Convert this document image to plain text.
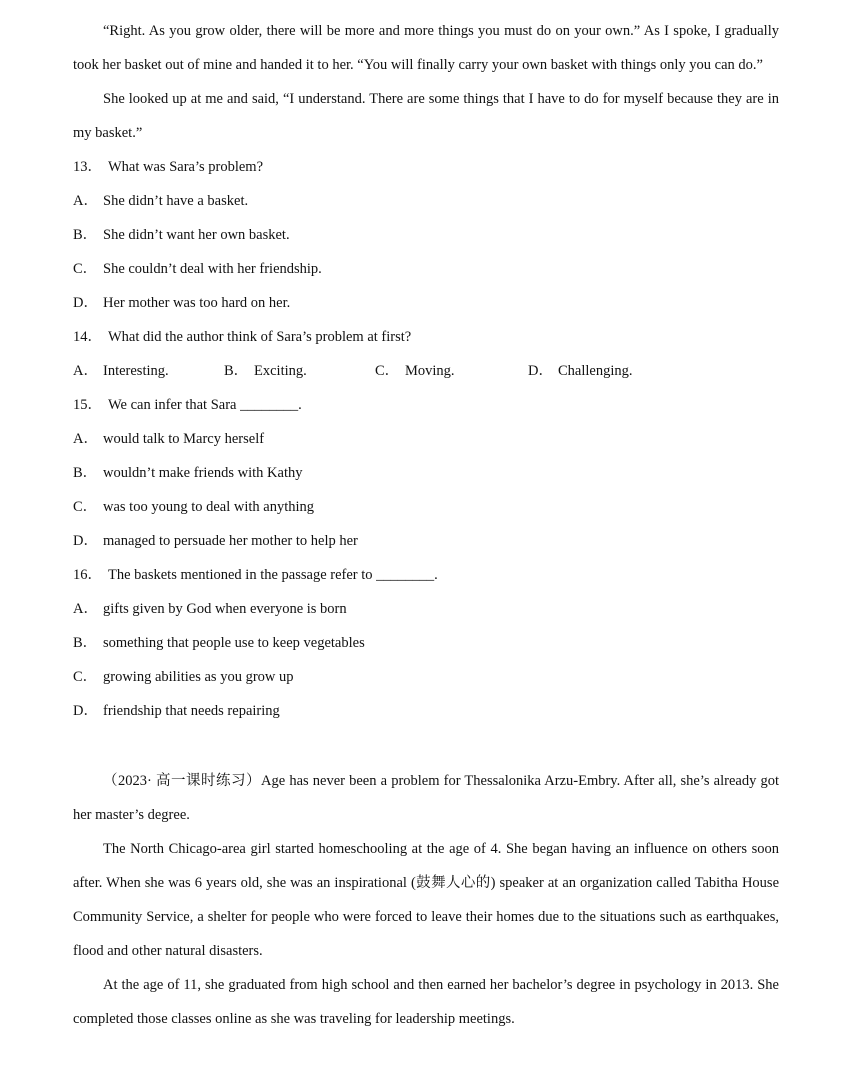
“Right. As you grow older, there will be more and more things you must do on your own.” As I spoke, I gradually took her basket out of mine and handed it to her. “You will finally carry your own basket with things only you can do.”
She looked up at me and said, “I understand. There are some things that I have to do for myself because they are in my basket.”
13． What was Sara’s problem?
A． She didn’t have a basket.
B． She didn’t want her own basket.
C． She couldn’t deal with her friendship.
D． Her mother was too hard on her.
14． What did the author think of Sara’s problem at first?
A． Interesting.	B． Exciting.	C． Moving.	D． Challenging.
15． We can infer that Sara ________.
A． would talk to Marcy herself
B． wouldn’t make friends with Kathy
C． was too young to deal with anything
D． managed to persuade her mother to help her
16． The baskets mentioned in the passage refer to ________.
A． gifts given by God when everyone is born
B． something that people use to keep vegetables
C． growing abilities as you grow up
D． friendship that needs repairing
（2023· 高一课时练习）Age has never been a problem for Thessalonika Arzu-Embry. After all, she’s already got her master’s degree.
The North Chicago-area girl started homeschooling at the age of 4. She began having an influence on others soon after. When she was 6 years old, she was an inspirational (鼓舞人心的) speaker at an organization called Tabitha House Community Service, a shelter for people who were forced to leave their homes due to the situations such as earthquakes, flood and other natural disasters.
At the age of 11, she graduated from high school and then earned her bachelor’s degree in psychology in 2013. She completed those classes online as she was traveling for leadership meetings.
